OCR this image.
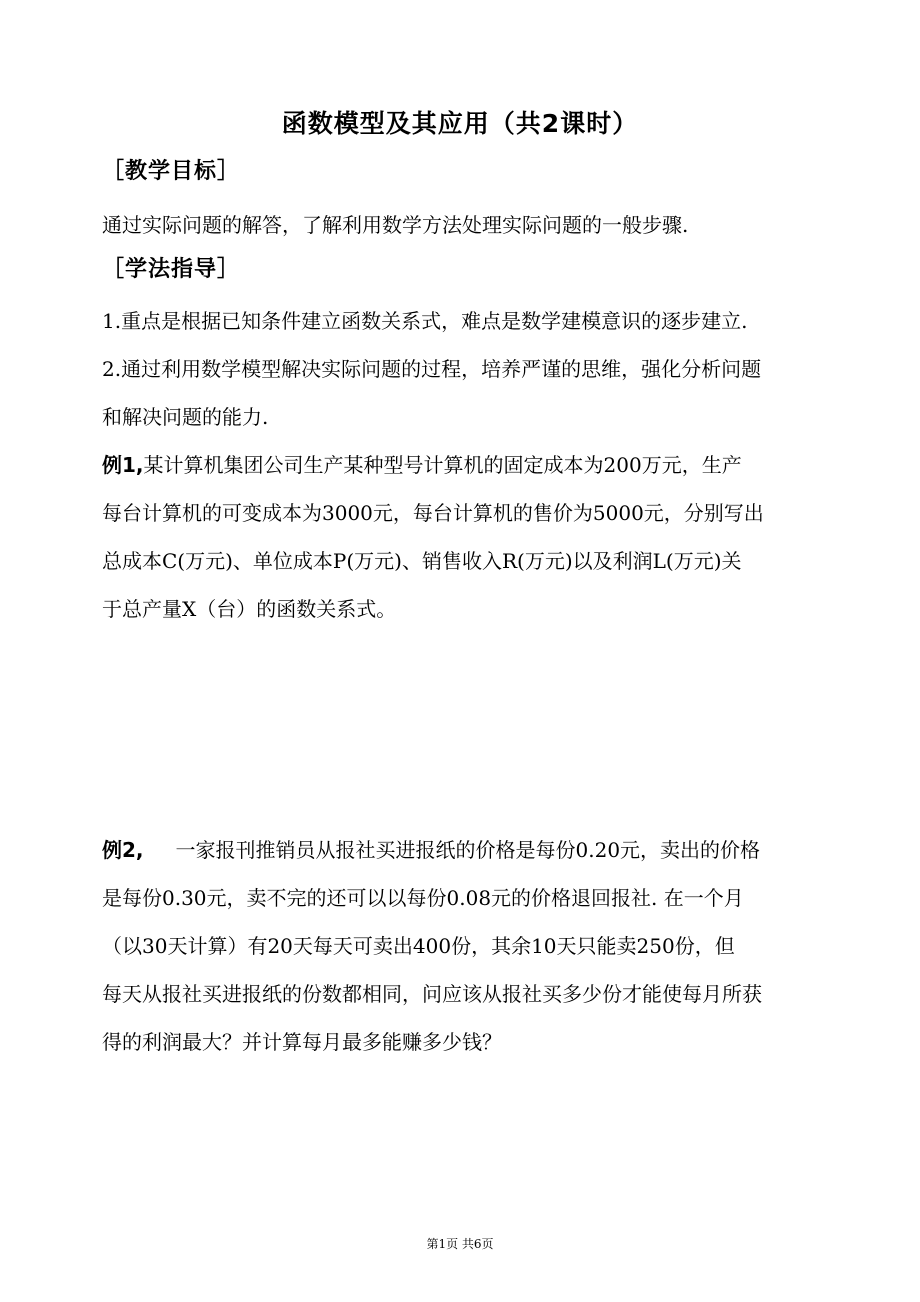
函数模型及其应用（共2课时）
［教学目标］
通过实际问题的解答，了解利用数学方法处理实际问题的一般步骤.
［学法指导］
1.重点是根据已知条件建立函数关系式，难点是数学建模意识的逐步建立.
2.通过利用数学模型解决实际问题的过程，培养严谨的思维，强化分析问题
和解决问题的能力.
例1,某计算机集团公司生产某种型号计算机的固定成本为200万元，生产
每台计算机的可变成本为3000元，每台计算机的售价为5000元，分别写出
总成本C(万元)、单位成本P(万元)、销售收入R(万元)以及利润L(万元)关
于总产量X（台）的函数关系式。
例2, 一家报刊推销员从报社买进报纸的价格是每份0.20元，卖出的价格
是每份0.30元，卖不完的还可以以每份0.08元的价格退回报社. 在一个月
（以30天计算）有20天每天可卖出400份，其余10天只能卖250份，但
每天从报社买进报纸的份数都相同，问应该从报社买多少份才能使每月所获
得的利润最大？并计算每月最多能赚多少钱？
第1页 共6页
